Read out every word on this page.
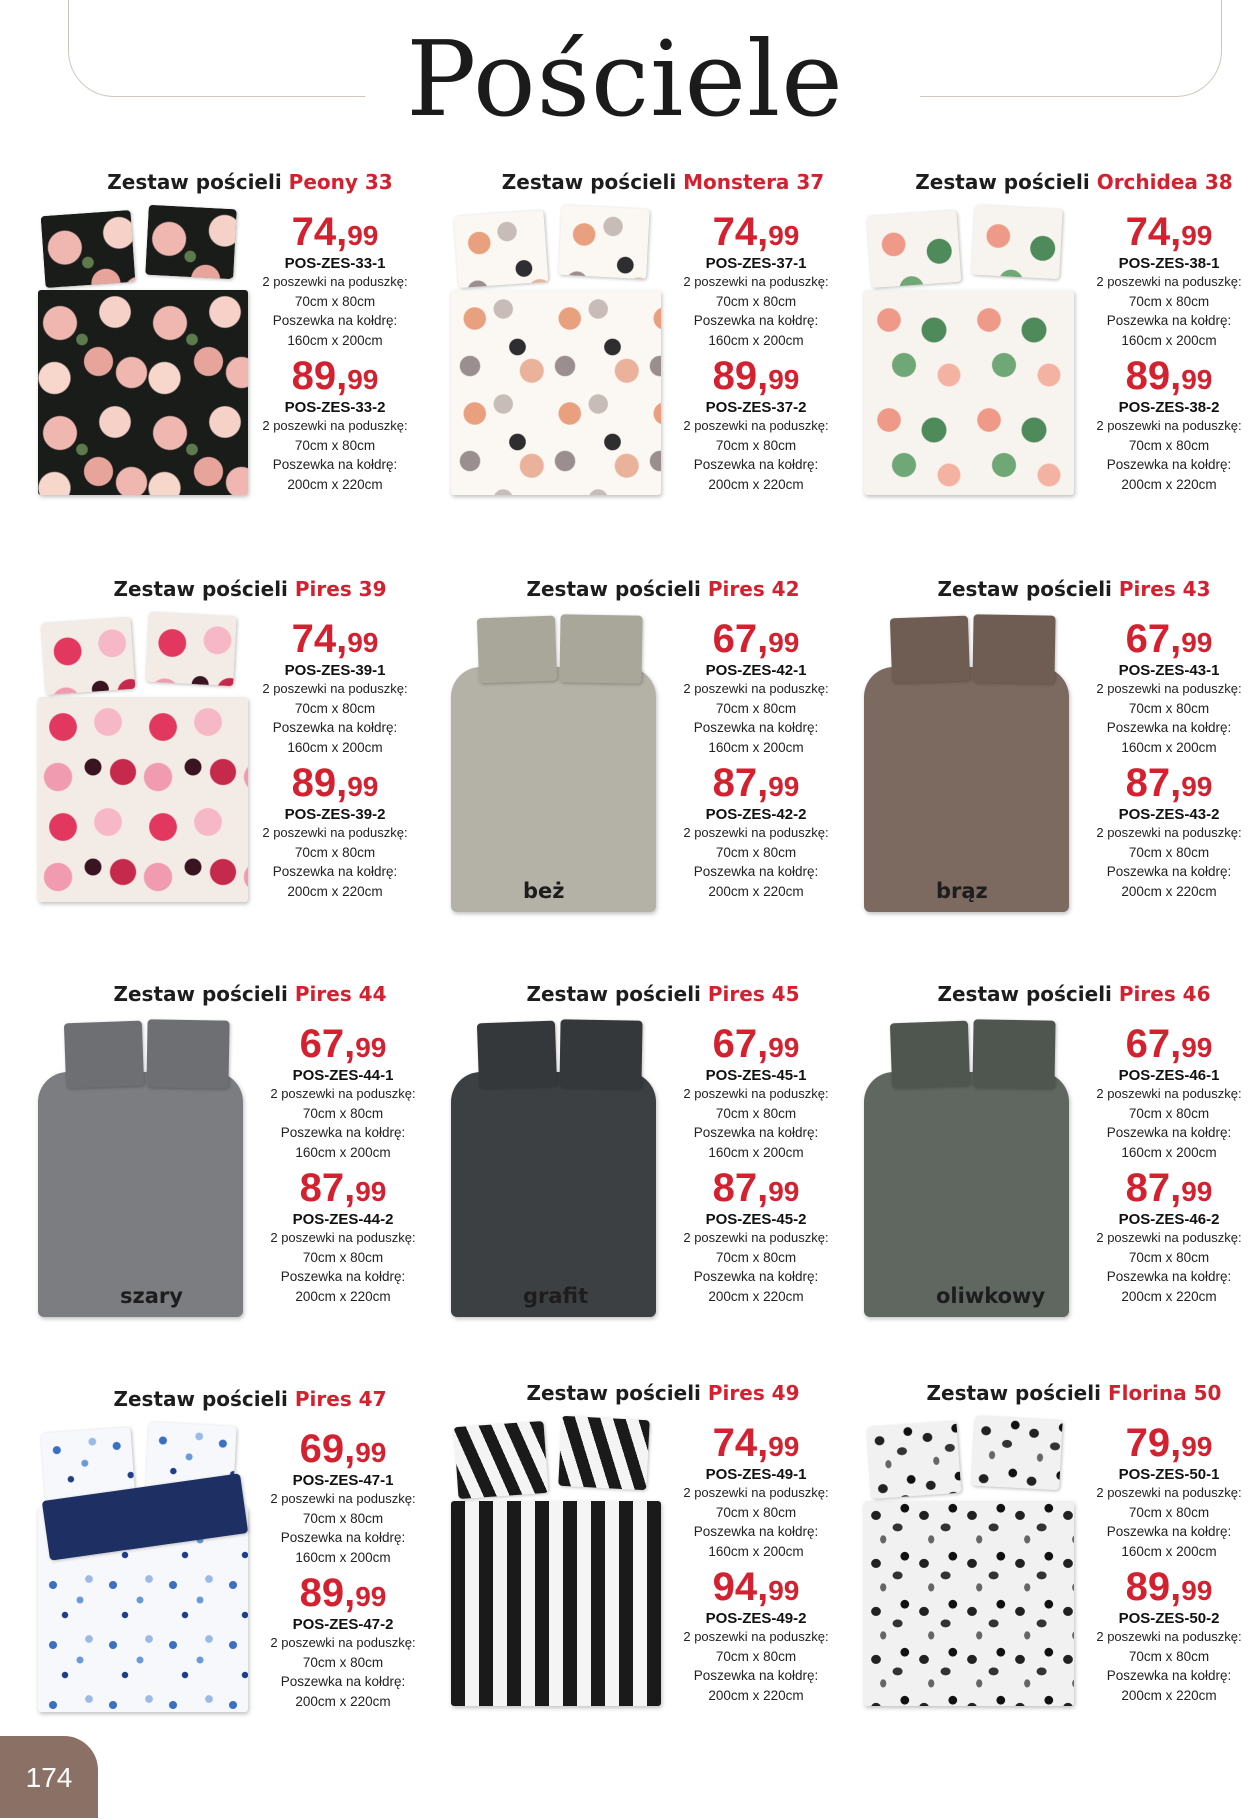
Pościele
Zestaw pościeli Peony 33
74,99
POS-ZES-33-1
2 poszewki na poduszkę:
70cm x 80cm
Poszewka na kołdrę:
160cm x 200cm
89,99
POS-ZES-33-2
2 poszewki na poduszkę:
70cm x 80cm
Poszewka na kołdrę:
200cm x 220cm
Zestaw pościeli Monstera 37
74,99
POS-ZES-37-1
2 poszewki na poduszkę:
70cm x 80cm
Poszewka na kołdrę:
160cm x 200cm
89,99
POS-ZES-37-2
2 poszewki na poduszkę:
70cm x 80cm
Poszewka na kołdrę:
200cm x 220cm
Zestaw pościeli Orchidea 38
74,99
POS-ZES-38-1
2 poszewki na poduszkę:
70cm x 80cm
Poszewka na kołdrę:
160cm x 200cm
89,99
POS-ZES-38-2
2 poszewki na poduszkę:
70cm x 80cm
Poszewka na kołdrę:
200cm x 220cm
Zestaw pościeli Pires 39
74,99
POS-ZES-39-1
2 poszewki na poduszkę:
70cm x 80cm
Poszewka na kołdrę:
160cm x 200cm
89,99
POS-ZES-39-2
2 poszewki na poduszkę:
70cm x 80cm
Poszewka na kołdrę:
200cm x 220cm
Zestaw pościeli Pires 42
beż
67,99
POS-ZES-42-1
2 poszewki na poduszkę:
70cm x 80cm
Poszewka na kołdrę:
160cm x 200cm
87,99
POS-ZES-42-2
2 poszewki na poduszkę:
70cm x 80cm
Poszewka na kołdrę:
200cm x 220cm
Zestaw pościeli Pires 43
brąz
67,99
POS-ZES-43-1
2 poszewki na poduszkę:
70cm x 80cm
Poszewka na kołdrę:
160cm x 200cm
87,99
POS-ZES-43-2
2 poszewki na poduszkę:
70cm x 80cm
Poszewka na kołdrę:
200cm x 220cm
Zestaw pościeli Pires 44
szary
67,99
POS-ZES-44-1
2 poszewki na poduszkę:
70cm x 80cm
Poszewka na kołdrę:
160cm x 200cm
87,99
POS-ZES-44-2
2 poszewki na poduszkę:
70cm x 80cm
Poszewka na kołdrę:
200cm x 220cm
Zestaw pościeli Pires 45
grafit
67,99
POS-ZES-45-1
2 poszewki na poduszkę:
70cm x 80cm
Poszewka na kołdrę:
160cm x 200cm
87,99
POS-ZES-45-2
2 poszewki na poduszkę:
70cm x 80cm
Poszewka na kołdrę:
200cm x 220cm
Zestaw pościeli Pires 46
oliwkowy
67,99
POS-ZES-46-1
2 poszewki na poduszkę:
70cm x 80cm
Poszewka na kołdrę:
160cm x 200cm
87,99
POS-ZES-46-2
2 poszewki na poduszkę:
70cm x 80cm
Poszewka na kołdrę:
200cm x 220cm
Zestaw pościeli Pires 47
69,99
POS-ZES-47-1
2 poszewki na poduszkę:
70cm x 80cm
Poszewka na kołdrę:
160cm x 200cm
89,99
POS-ZES-47-2
2 poszewki na poduszkę:
70cm x 80cm
Poszewka na kołdrę:
200cm x 220cm
Zestaw pościeli Pires 49
74,99
POS-ZES-49-1
2 poszewki na poduszkę:
70cm x 80cm
Poszewka na kołdrę:
160cm x 200cm
94,99
POS-ZES-49-2
2 poszewki na poduszkę:
70cm x 80cm
Poszewka na kołdrę:
200cm x 220cm
Zestaw pościeli Florina 50
79,99
POS-ZES-50-1
2 poszewki na poduszkę:
70cm x 80cm
Poszewka na kołdrę:
160cm x 200cm
89,99
POS-ZES-50-2
2 poszewki na poduszkę:
70cm x 80cm
Poszewka na kołdrę:
200cm x 220cm
174
